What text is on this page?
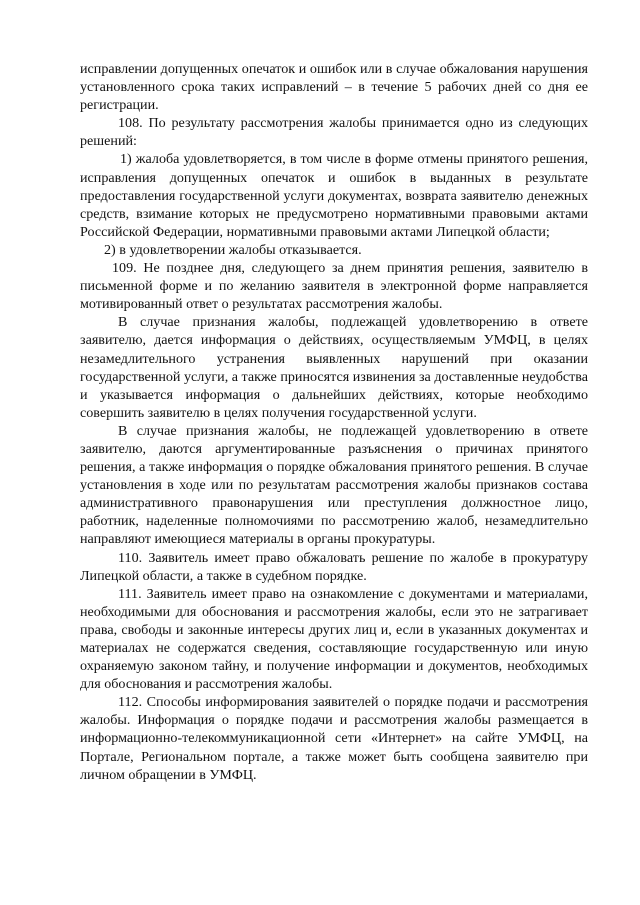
исправлении допущенных опечаток и ошибок или в случае обжалования нарушения установленного срока таких исправлений – в течение 5 рабочих дней со дня ее регистрации.

108. По результату рассмотрения жалобы принимается одно из следующих решений:

1) жалоба удовлетворяется, в том числе в форме отмены принятого решения, исправления допущенных опечаток и ошибок в выданных в результате предоставления государственной услуги документах, возврата заявителю денежных средств, взимание которых не предусмотрено нормативными правовыми актами Российской Федерации, нормативными правовыми актами Липецкой области;

2) в удовлетворении жалобы отказывается.

109. Не позднее дня, следующего за днем принятия решения, заявителю в письменной форме и по желанию заявителя в электронной форме направляется мотивированный ответ о результатах рассмотрения жалобы.

В случае признания жалобы, подлежащей удовлетворению в ответе заявителю, дается информация о действиях, осуществляемым УМФЦ, в целях незамедлительного устранения выявленных нарушений при оказании государственной услуги, а также приносятся извинения за доставленные неудобства и указывается информация о дальнейших действиях, которые необходимо совершить заявителю в целях получения государственной услуги.

В случае признания жалобы, не подлежащей удовлетворению в ответе заявителю, даются аргументированные разъяснения о причинах принятого решения, а также информация о порядке обжалования принятого решения. В случае установления в ходе или по результатам рассмотрения жалобы признаков состава административного правонарушения или преступления должностное лицо, работник, наделенные полномочиями по рассмотрению жалоб, незамедлительно направляют имеющиеся материалы в органы прокуратуры.

110. Заявитель имеет право обжаловать решение по жалобе в прокуратуру Липецкой области, а также в судебном порядке.

111. Заявитель имеет право на ознакомление с документами и материалами, необходимыми для обоснования и рассмотрения жалобы, если это не затрагивает права, свободы и законные интересы других лиц и, если в указанных документах и материалах не содержатся сведения, составляющие государственную или иную охраняемую законом тайну, и получение информации и документов, необходимых для обоснования и рассмотрения жалобы.

112. Способы информирования заявителей о порядке подачи и рассмотрения жалобы. Информация о порядке подачи и рассмотрения жалобы размещается в информационно-телекоммуникационной сети «Интернет» на сайте УМФЦ, на Портале, Региональном портале, а также может быть сообщена заявителю при личном обращении в УМФЦ.
